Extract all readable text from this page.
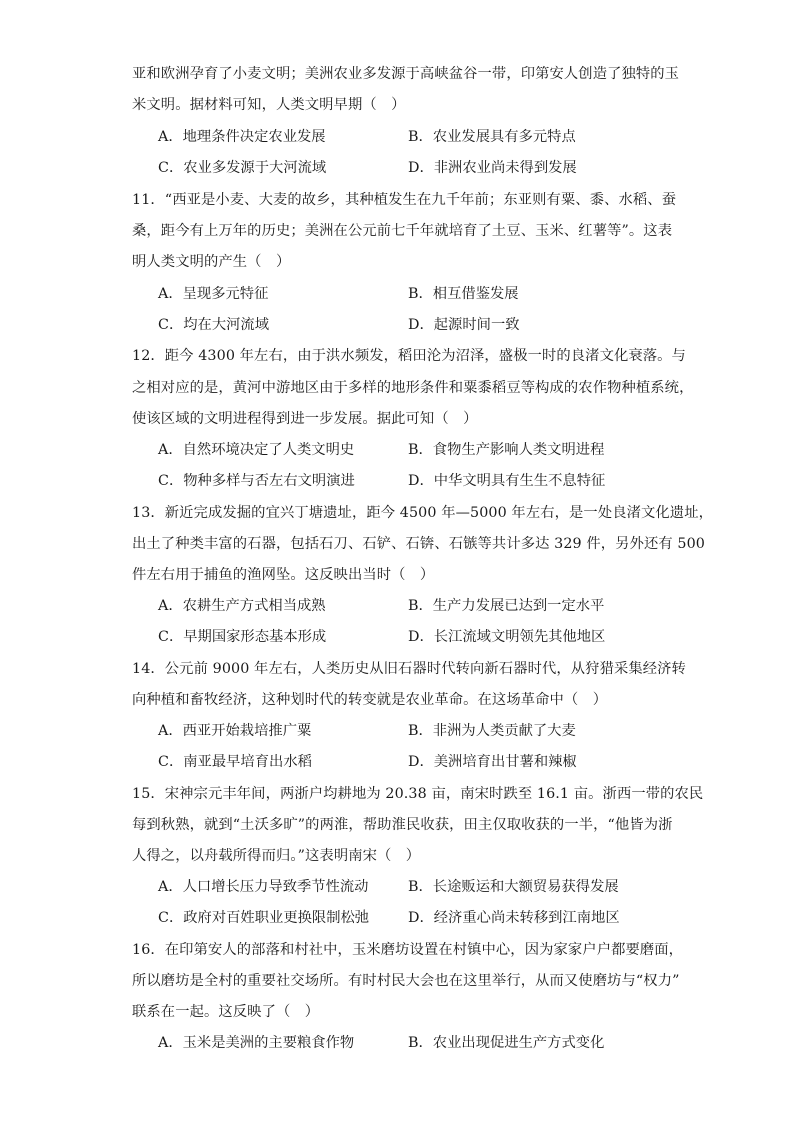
亚和欧洲孕育了小麦文明；美洲农业多发源于高峡盆谷一带，印第安人创造了独特的玉
米文明。据材料可知，人类文明早期（　）
A．地理条件决定农业发展	B．农业发展具有多元特点
C．农业多发源于大河流域	D．非洲农业尚未得到发展
11．“西亚是小麦、大麦的故乡，其种植发生在九千年前；东亚则有粟、黍、水稻、蚕
桑，距今有上万年的历史；美洲在公元前七千年就培育了土豆、玉米、红薯等”。这表
明人类文明的产生（　）
A．呈现多元特征	B．相互借鉴发展
C．均在大河流域	D．起源时间一致
12．距今 4300 年左右，由于洪水频发，稻田沦为沼泽，盛极一时的良渚文化衰落。与
之相对应的是，黄河中游地区由于多样的地形条件和粟黍稻豆等构成的农作物种植系统，
使该区域的文明进程得到进一步发展。据此可知（　）
A．自然环境决定了人类文明史	B．食物生产影响人类文明进程
C．物种多样与否左右文明演进	D．中华文明具有生生不息特征
13．新近完成发掘的宜兴丁塘遗址，距今 4500 年—5000 年左右，是一处良渚文化遗址，
出土了种类丰富的石器，包括石刀、石铲、石锛、石镞等共计多达 329 件，另外还有 500
件左右用于捕鱼的渔网坠。这反映出当时（　）
A．农耕生产方式相当成熟	B．生产力发展已达到一定水平
C．早期国家形态基本形成	D．长江流域文明领先其他地区
14．公元前 9000 年左右，人类历史从旧石器时代转向新石器时代，从狩猎采集经济转
向种植和畜牧经济，这种划时代的转变就是农业革命。在这场革命中（　）
A．西亚开始栽培推广粟	B．非洲为人类贡献了大麦
C．南亚最早培育出水稻	D．美洲培育出甘薯和辣椒
15．宋神宗元丰年间，两浙户均耕地为 20.38 亩，南宋时跌至 16.1 亩。浙西一带的农民
每到秋熟，就到“土沃多旷”的两淮，帮助淮民收获，田主仅取收获的一半，“他皆为浙
人得之，以舟载所得而归。”这表明南宋（　）
A．人口增长压力导致季节性流动	B．长途贩运和大额贸易获得发展
C．政府对百姓职业更换限制松弛	D．经济重心尚未转移到江南地区
16．在印第安人的部落和村社中，玉米磨坊设置在村镇中心，因为家家户户都要磨面，
所以磨坊是全村的重要社交场所。有时村民大会也在这里举行，从而又使磨坊与“权力”
联系在一起。这反映了（　）
A．玉米是美洲的主要粮食作物	B．农业出现促进生产方式变化
